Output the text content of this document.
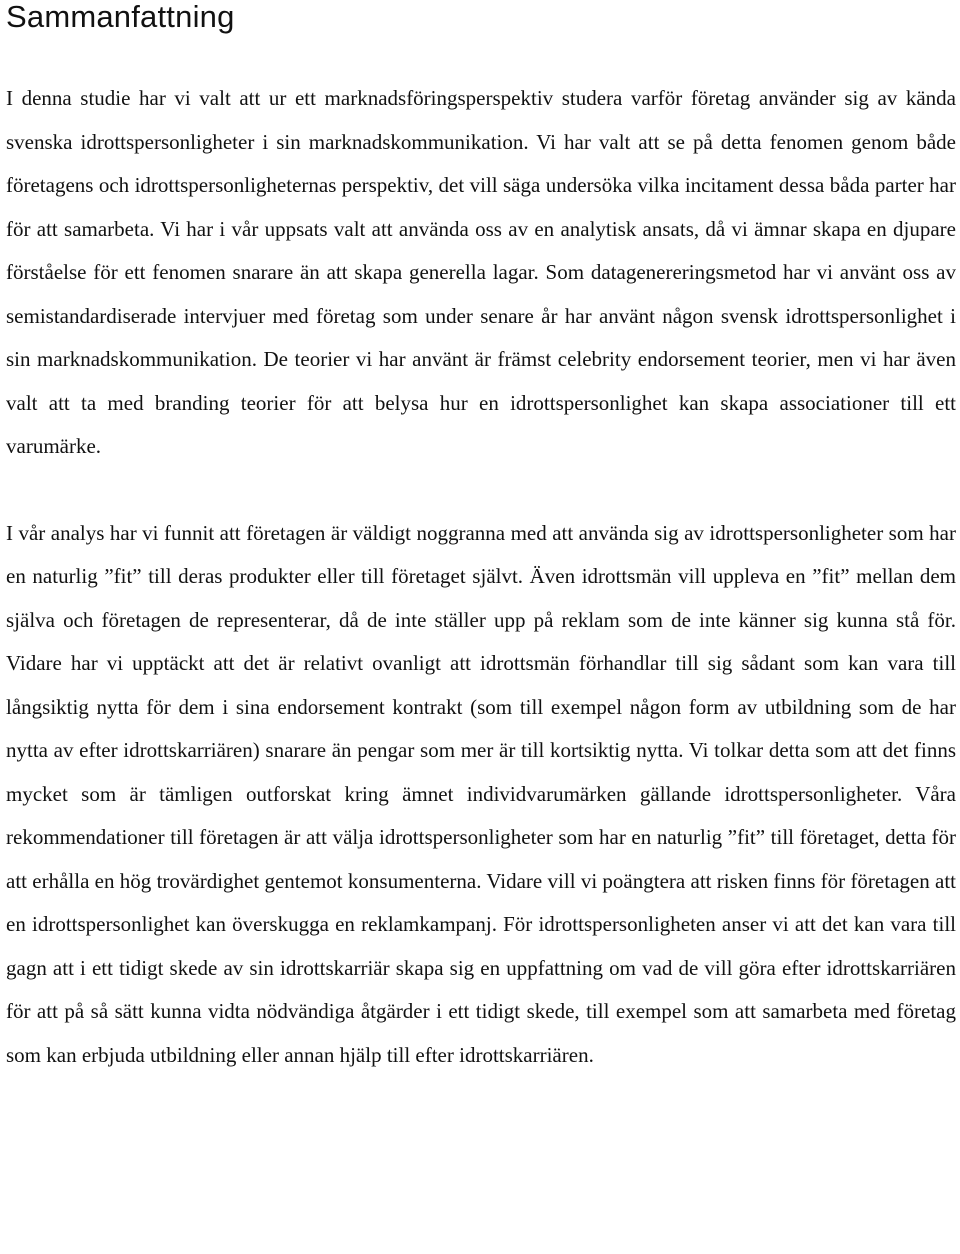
Sammanfattning

I denna studie har vi valt att ur ett marknadsföringsperspektiv studera varför företag använder sig av kända svenska idrottspersonligheter i sin marknadskommunikation. Vi har valt att se på detta fenomen genom både företagens och idrottspersonligheternas perspektiv, det vill säga undersöka vilka incitament dessa båda parter har för att samarbeta. Vi har i vår uppsats valt att använda oss av en analytisk ansats, då vi ämnar skapa en djupare förståelse för ett fenomen snarare än att skapa generella lagar. Som datagenereringsmetod har vi använt oss av semistandardiserade intervjuer med företag som under senare år har använt någon svensk idrottspersonlighet i sin marknadskommunikation. De teorier vi har använt är främst celebrity endorsement teorier, men vi har även valt att ta med branding teorier för att belysa hur en idrottspersonlighet kan skapa associationer till ett varumärke.

I vår analys har vi funnit att företagen är väldigt noggranna med att använda sig av idrottspersonligheter som har en naturlig ”fit” till deras produkter eller till företaget självt. Även idrottsmän vill uppleva en ”fit” mellan dem själva och företagen de representerar, då de inte ställer upp på reklam som de inte känner sig kunna stå för. Vidare har vi upptäckt att det är relativt ovanligt att idrottsmän förhandlar till sig sådant som kan vara till långsiktig nytta för dem i sina endorsement kontrakt (som till exempel någon form av utbildning som de har nytta av efter idrottskarriären) snarare än pengar som mer är till kortsiktig nytta. Vi tolkar detta som att det finns mycket som är tämligen outforskat kring ämnet individvarumärken gällande idrottspersonligheter. Våra rekommendationer till företagen är att välja idrottspersonligheter som har en naturlig ”fit” till företaget, detta för att erhålla en hög trovärdighet gentemot konsumenterna. Vidare vill vi poängtera att risken finns för företagen att en idrottspersonlighet kan överskugga en reklamkampanj. För idrottspersonligheten anser vi att det kan vara till gagn att i ett tidigt skede av sin idrottskarriär skapa sig en uppfattning om vad de vill göra efter idrottskarriären för att på så sätt kunna vidta nödvändiga åtgärder i ett tidigt skede, till exempel som att samarbeta med företag som kan erbjuda utbildning eller annan hjälp till efter idrottskarriären.
